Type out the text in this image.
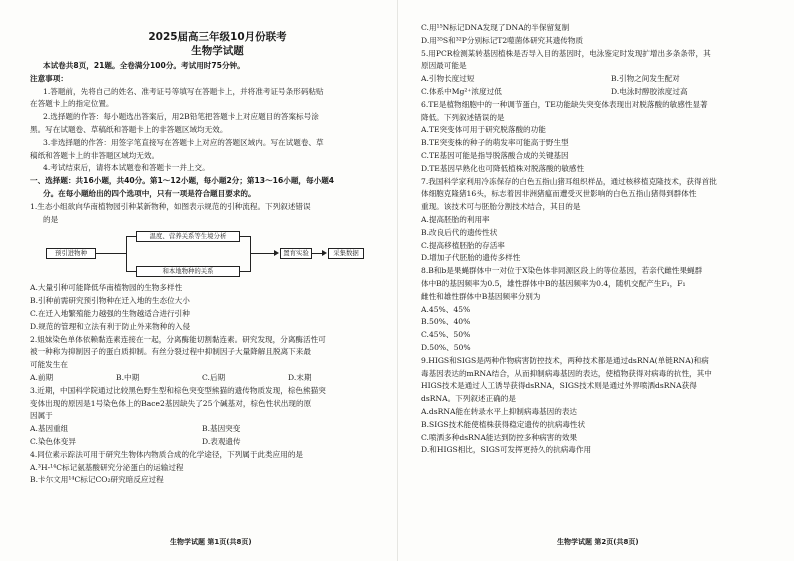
2025届高三年级10月份联考
生物学试题
本试卷共8页，21题。全卷满分100分。考试用时75分钟。
注意事项：
1.答题前，先将自己的姓名、准考证号等填写在答题卡上，并将准考证号条形码粘贴
在答题卡上的指定位置。
2.选择题的作答：每小题选出答案后，用2B铅笔把答题卡上对应题目的答案标号涂
黑。写在试题卷、草稿纸和答题卡上的非答题区域均无效。
3.非选择题的作答：用签字笔直接写在答题卡上对应的答题区域内。写在试题卷、草
稿纸和答题卡上的非答题区域均无效。
4.考试结束后，请将本试题卷和答题卡一并上交。
一、选择题：共16小题，共40分。第1～12小题，每小题2分；第13～16小题，每小题4
分。在每小题给出的四个选项中，只有一项是符合题目要求的。
1.生态小组欲向华南植物园引种某新物种，如图表示规范的引种流程。下列叙述错误
的是
预引进物种
温度、营养关系等生境分析
和本地物种的关系
置育实验	采集数据
A.大量引种可能降低华南植物园的生物多样性
B.引种前需研究预引物种在迁入地的生态位大小
C.在迁入地繁殖能力越强的生物越适合进行引种
D.规范的管理和立法有利于防止外来物种的入侵
2.姐妹染色单体依赖黏连素连接在一起，分离酶能切割黏连素。研究发现，分离酶活性可
被一种称为抑制因子的蛋白质抑制。有丝分裂过程中抑制因子大量降解且脱离下来最
可能发生在
A.前期	B.中期	C.后期	D.末期
3.近期，中国科学院通过比较黑色野生型和棕色突变型熊猫的遗传物质发现，棕色熊猫突
变体出现的原因是1号染色体上的Bace2基因缺失了25个碱基对，棕色性状出现的原
因属于
A.基因重组	B.基因突变
C.染色体变异	D.表观遗传
4.同位素示踪法可用于研究生物体内物质合成的化学途径，下列属于此类应用的是
A.³H-¹⁴C标记氨基酸研究分泌蛋白的运输过程
B.卡尔文用¹⁴C标记CO₂研究暗反应过程
生物学试题 第1页(共8页)
C.用¹⁵N标记DNA发现了DNA的半保留复制
D.用³⁵S和³²P分别标记T2噬菌体研究其遗传物质
5.用PCR检测某转基因植株是否导入目的基因时，电泳鉴定时发现扩增出多条条带，其
原因最可能是
A.引物长度过短	B.引物之间发生配对
C.体系中Mg²⁺浓度过低	D.电泳时醇胶浓度过高
6.TE是植物细胞中的一种调节蛋白，TE功能缺失突变体表现出对脱落酸的敏感性显著
降低。下列叙述错误的是
A.TE突变体可用于研究脱落酸的功能
B.TE突变株的种子的萌发率可能高于野生型
C.TE基因可能是指导脱落酸合成的关键基因
D.TE基因早熟化也可降低植株对脱落酸的敏感性
7.我国科学家利用冷冻保存的白色五指山猪耳组织样品，通过核移植克隆技术，获得首批
体细胞克隆猪16头，标志着因非洲猪瘟而遭受灭世影响的白色五指山猪得到群体性
重现。该技术可与胚胎分割技术结合，其目的是
A.提高胚胎的利用率
B.改良后代的遗传性状
C.提高移植胚胎的存活率
D.增加子代胚胎的遗传多样性
8.B和b是果蝇群体中一对位于X染色体非同源区段上的等位基因，若亲代雌性果蝇群
体中B的基因频率为0.5，雄性群体中B的基因频率为0.4，随机交配产生F₁，F₁
雌性和雄性群体中B基因频率分别为
A.45%、45%
B.50%、40%
C.45%、50%
D.50%、50%
9.HIGS和SIGS是两种作物病害防控技术，两种技术都是通过dsRNA(单链RNA)和病
毒基因表达的mRNA结合，从而抑制病毒基因的表达，使植物获得对病毒的抗性，其中
HIGS技术是通过人工诱导获得dsRNA，SIGS技术则是通过外界喷洒dsRNA获得
dsRNA。下列叙述正确的是
A.dsRNA能在转录水平上抑制病毒基因的表达
B.SIGS技术能使植株获得稳定遗传的抗病毒性状
C.喷洒多种dsRNA能达到防控多种病害的效果
D.和HIGS相比，SIGS可发挥更持久的抗病毒作用
生物学试题 第2页(共8页)
